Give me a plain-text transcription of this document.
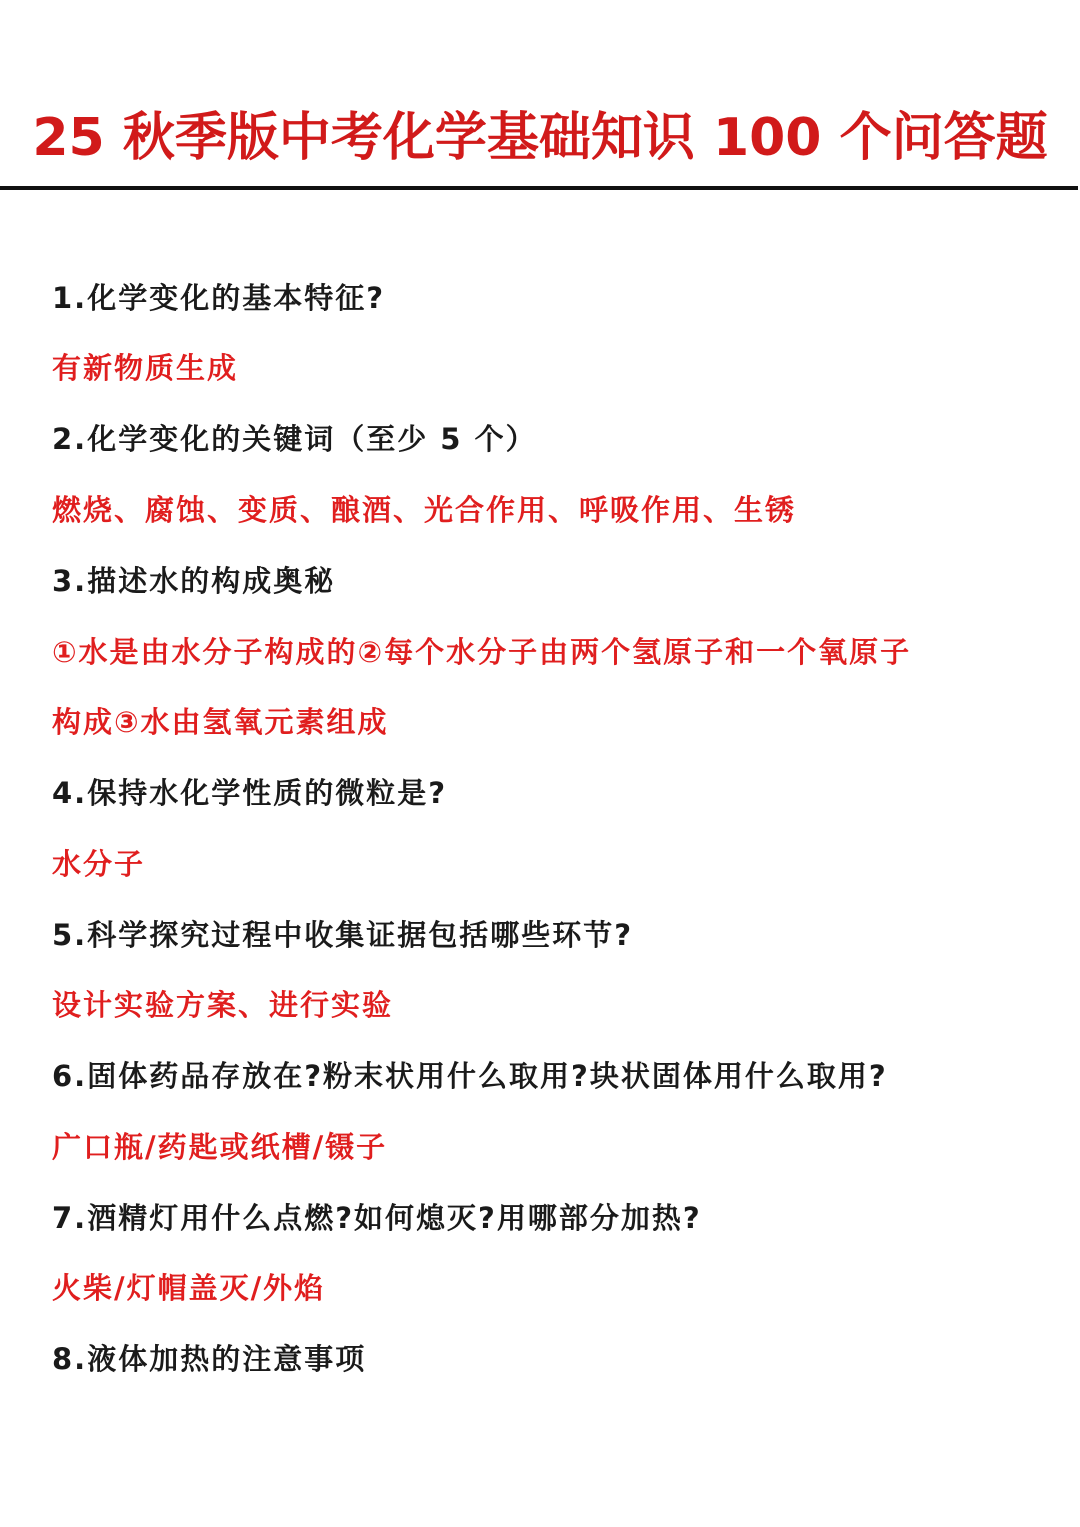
25 秋季版中考化学基础知识 100 个问答题
1.化学变化的基本特征?
有新物质生成
2.化学变化的关键词（至少 5 个）
燃烧、腐蚀、变质、酿酒、光合作用、呼吸作用、生锈
3.描述水的构成奥秘
①水是由水分子构成的②每个水分子由两个氢原子和一个氧原子
构成③水由氢氧元素组成
4.保持水化学性质的微粒是?
水分子
5.科学探究过程中收集证据包括哪些环节?
设计实验方案、进行实验
6.固体药品存放在?粉末状用什么取用?块状固体用什么取用?
广口瓶/药匙或纸槽/镊子
7.酒精灯用什么点燃?如何熄灭?用哪部分加热?
火柴/灯帽盖灭/外焰
8.液体加热的注意事项
